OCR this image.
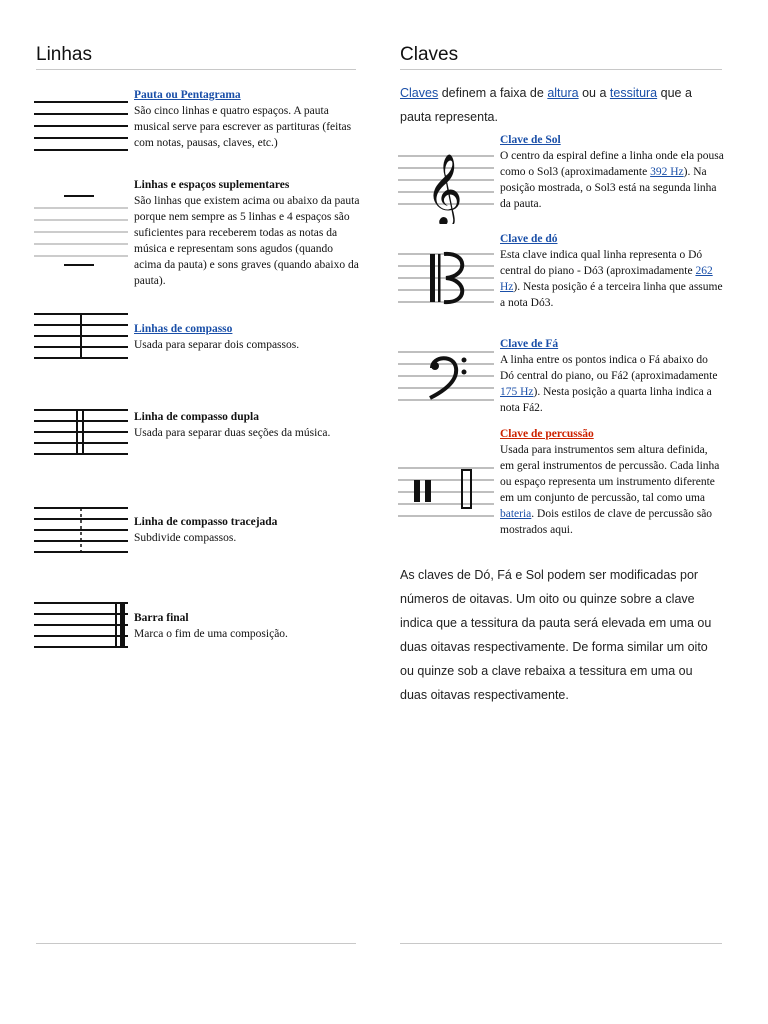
Linhas
Pauta ou Pentagrama
São cinco linhas e quatro espaços. A pauta musical serve para escrever as partituras (feitas com notas, pausas, claves, etc.)
Linhas e espaços suplementares
São linhas que existem acima ou abaixo da pauta porque nem sempre as 5 linhas e 4 espaços são suficientes para receberem todas as notas da música e representam sons agudos (quando acima da pauta) e sons graves (quando abaixo da pauta).
Linhas de compasso
Usada para separar dois compassos.
Linha de compasso dupla
Usada para separar duas seções da música.
Linha de compasso tracejada
Subdivide compassos.
Barra final
Marca o fim de uma composição.
Claves
Claves definem a faixa de altura ou a tessitura que a pauta representa.
𝄞
Clave de Sol
O centro da espiral define a linha onde ela pousa como o Sol3 (aproximadamente 392 Hz). Na posição mostrada, o Sol3 está na segunda linha da pauta.
Clave de dó
Esta clave indica qual linha representa o Dó central do piano - Dó3 (aproximadamente 262 Hz). Nesta posição é a terceira linha que assume a nota Dó3.
Clave de Fá
A linha entre os pontos indica o Fá abaixo do Dó central do piano, ou Fá2 (aproximadamente 175 Hz). Nesta posição a quarta linha indica a nota Fá2.
Clave de percussão
Usada para instrumentos sem altura definida, em geral instrumentos de percussão. Cada linha ou espaço representa um instrumento diferente em um conjunto de percussão, tal como uma bateria. Dois estilos de clave de percussão são mostrados aqui.
As claves de Dó, Fá e Sol podem ser modificadas por números de oitavas. Um oito ou quinze sobre a clave indica que a tessitura da pauta será elevada em uma ou duas oitavas respectivamente. De forma similar um oito ou quinze sob a clave rebaixa a tessitura em uma ou duas oitavas respectivamente.
